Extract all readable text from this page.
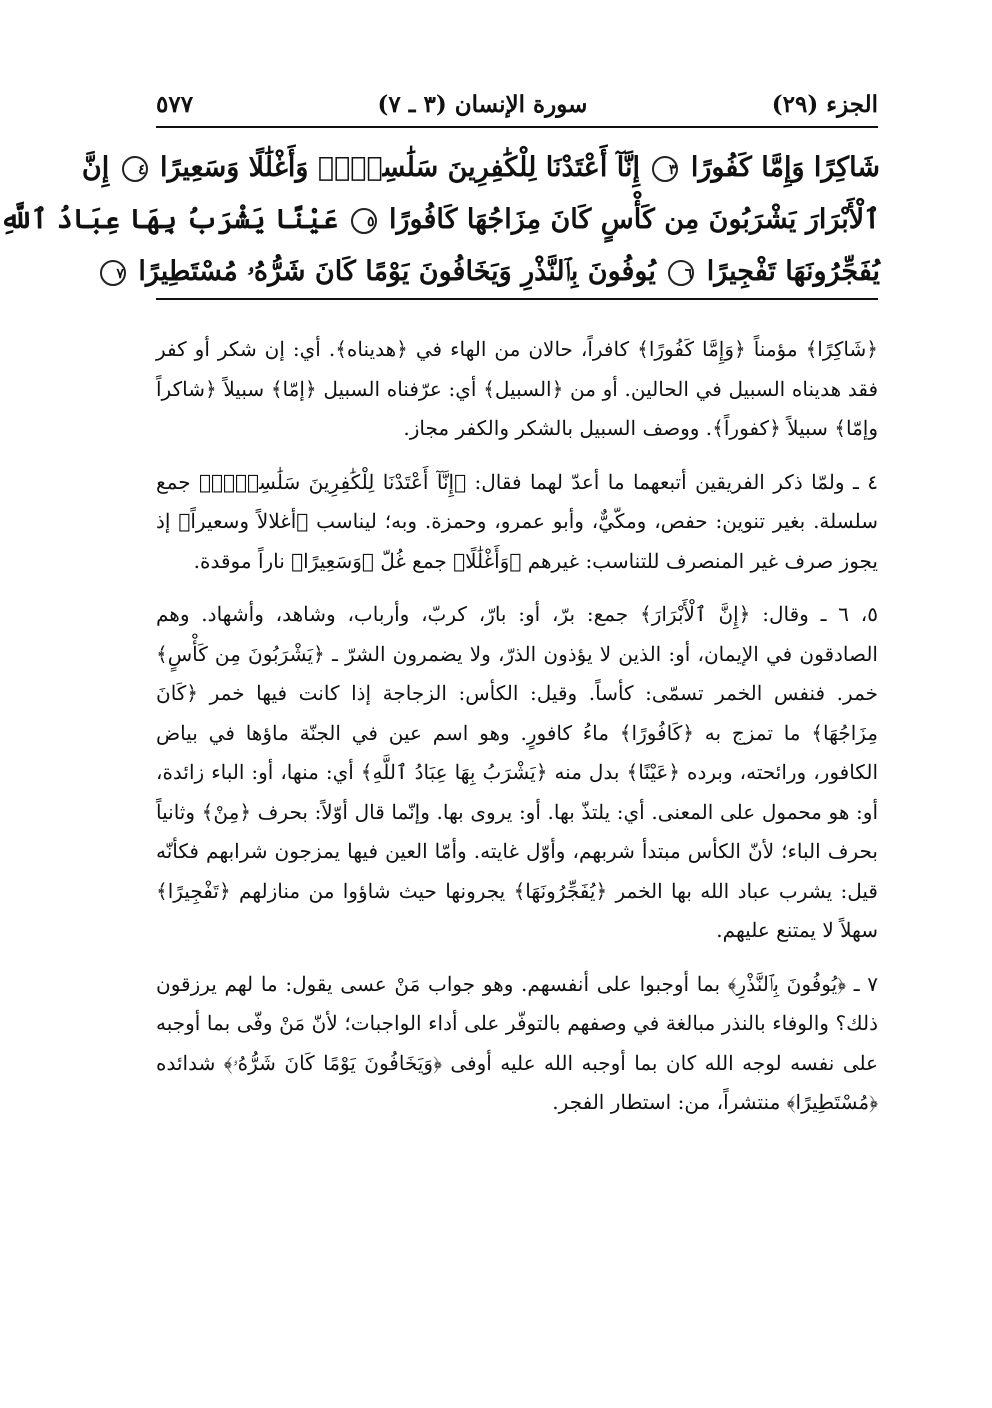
الجزء (٢٩)
سورة الإنسان (٣ ـ ٧)
٥٧٧
شَاكِرًا وَإِمَّا كَفُورًا ٣ إِنَّآ أَعْتَدْنَا لِلْكَٰفِرِينَ سَلَٰسِلَا۟ وَأَغْلَٰلًا وَسَعِيرًا ٤ إِنَّ
ٱلْأَبْرَارَ يَشْرَبُونَ مِن كَأْسٍ كَانَ مِزَاجُهَا كَافُورًا ٥ عَيْنًا يَشْرَبُ بِهَا عِبَادُ ٱللَّهِ
يُفَجِّرُونَهَا تَفْجِيرًا ٦ يُوفُونَ بِٱلنَّذْرِ وَيَخَافُونَ يَوْمًا كَانَ شَرُّهُۥ مُسْتَطِيرًا ٧

﴿شَاكِرًا﴾ مؤمناً ﴿وَإِمَّا كَفُورًا﴾ كافراً، حالان من الهاء في ﴿هديناه﴾. أي: إن شكر أو كفر فقد هديناه السبيل في الحالين. أو من ﴿السبيل﴾ أي: عرّفناه السبيل ﴿إمّا﴾ سبيلاً ﴿شاكراً وإمّا﴾ سبيلاً ﴿كفوراً﴾. ووصف السبيل بالشكر والكفر مجاز.

٤ ـ ولمّا ذكر الفريقين أتبعهما ما أعدّ لهما فقال: ﴿إِنَّآ أَعْتَدْنَا لِلْكَٰفِرِينَ سَلَٰسِلَا۟﴾ جمع سلسلة. بغير تنوين: حفص، ومكّيٌّ، وأبو عمرو، وحمزة. وبه؛ ليناسب ﴿أغلالاً وسعيراً﴾ إذ يجوز صرف غير المنصرف للتناسب: غيرهم ﴿وَأَغْلَٰلًا﴾ جمع غُلّ ﴿وَسَعِيرًا﴾ ناراً موقدة.

٥، ٦ ـ وقال: ﴿إِنَّ ٱلْأَبْرَارَ﴾ جمع: برّ، أو: بارّ، كربّ، وأرباب، وشاهد، وأشهاد. وهم الصادقون في الإيمان، أو: الذين لا يؤذون الذرّ، ولا يضمرون الشرّ ـ ﴿يَشْرَبُونَ مِن كَأْسٍ﴾ خمر. فنفس الخمر تسمّى: كأساً. وقيل: الكأس: الزجاجة إذا كانت فيها خمر ﴿كَانَ مِزَاجُهَا﴾ ما تمزج به ﴿كَافُورًا﴾ ماءُ كافورٍ. وهو اسم عين في الجنّة ماؤها في بياض الكافور، ورائحته، وبرده ﴿عَيْنًا﴾ بدل منه ﴿يَشْرَبُ بِهَا عِبَادُ ٱللَّهِ﴾ أي: منها، أو: الباء زائدة، أو: هو محمول على المعنى. أي: يلتذّ بها. أو: يروى بها. وإنّما قال أوّلاً: بحرف ﴿مِنْ﴾ وثانياً بحرف الباء؛ لأنّ الكأس مبتدأ شربهم، وأوّل غايته. وأمّا العين فيها يمزجون شرابهم فكأنّه قيل: يشرب عباد الله بها الخمر ﴿يُفَجِّرُونَهَا﴾ يجرونها حيث شاؤوا من منازلهم ﴿تَفْجِيرًا﴾ سهلاً لا يمتنع عليهم.

٧ ـ ﴿يُوفُونَ بِٱلنَّذْرِ﴾ بما أوجبوا على أنفسهم. وهو جواب مَنْ عسى يقول: ما لهم يرزقون ذلك؟ والوفاء بالنذر مبالغة في وصفهم بالتوفّر على أداء الواجبات؛ لأنّ مَنْ وفّى بما أوجبه على نفسه لوجه الله كان بما أوجبه الله عليه أوفى ﴿وَيَخَافُونَ يَوْمًا كَانَ شَرُّهُۥ﴾ شدائده ﴿مُسْتَطِيرًا﴾ منتشراً، من: استطار الفجر.
